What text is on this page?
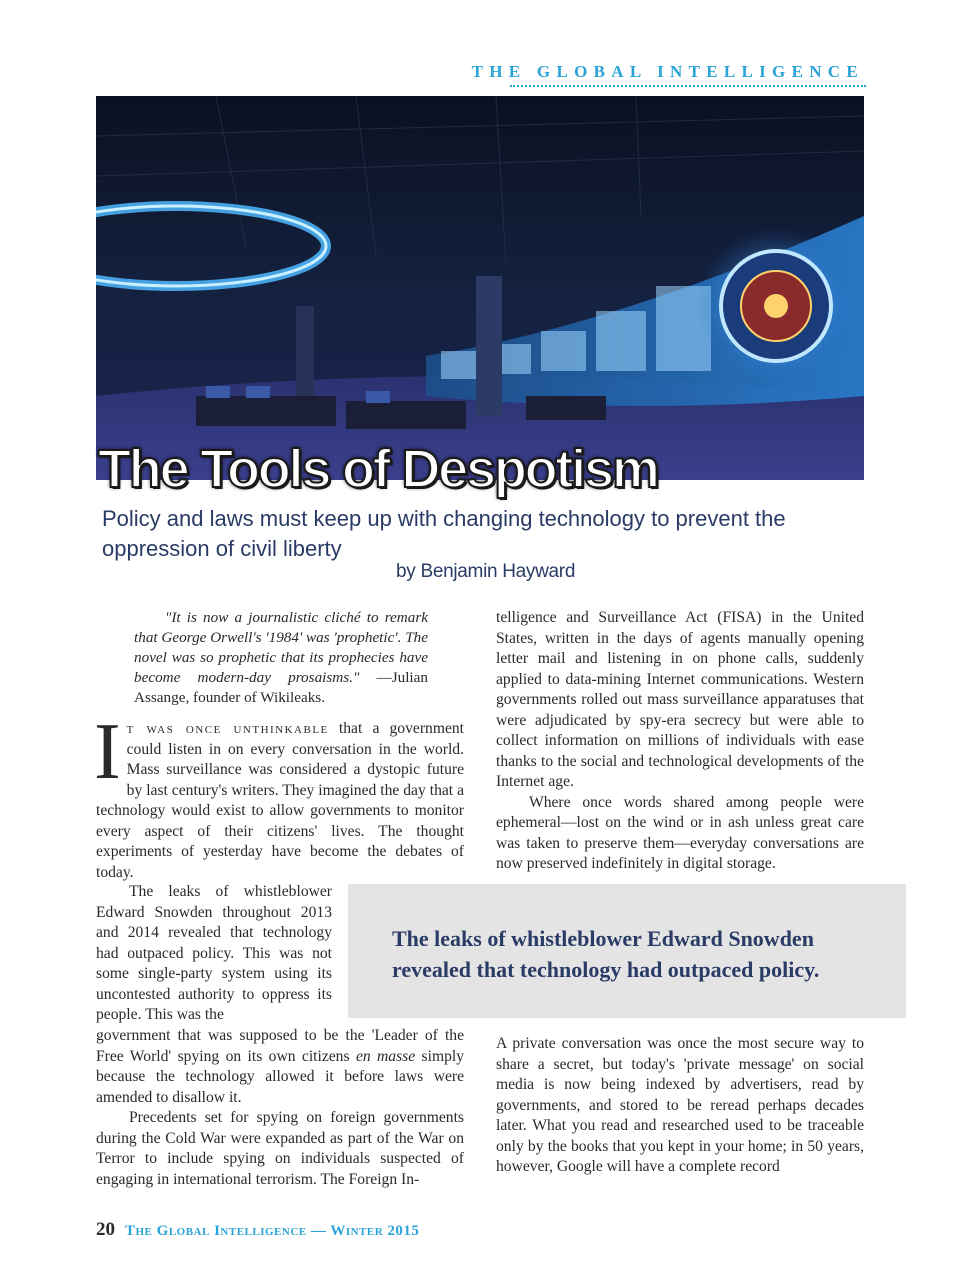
THE GLOBAL INTELLIGENCE
The Tools of Despotism
Policy and laws must keep up with changing technology to prevent the oppression of civil liberty
by Benjamin Hayward

"It is now a journalistic cliché to remark that George Orwell's '1984' was 'prophetic'. The novel was so prophetic that its prophecies have become modern-day prosaisms." —Julian Assange, founder of Wikileaks.

It was once unthinkable that a government could listen in on every conversation in the world. Mass surveillance was considered a dystopic future by last century's writers. They imagined the day that a technology would exist to allow governments to monitor every aspect of their citizens' lives. The thought experiments of yesterday have become the debates of today.

The leaks of whistleblower Edward Snowden throughout 2013 and 2014 revealed that technology had outpaced policy. This was not some single-party system using its uncontested authority to oppress its people. This was the

government that was supposed to be the 'Leader of the Free World' spying on its own citizens en masse simply because the technology allowed it before laws were amended to disallow it.

Precedents set for spying on foreign governments during the Cold War were expanded as part of the War on Terror to include spying on individuals suspected of engaging in international terrorism. The Foreign In-

telligence and Surveillance Act (FISA) in the United States, written in the days of agents manually opening letter mail and listening in on phone calls, suddenly applied to data-mining Internet communications. Western governments rolled out mass surveillance apparatuses that were adjudicated by spy-era secrecy but were able to collect information on millions of individuals with ease thanks to the social and technological developments of the Internet age.

Where once words shared among people were ephemeral—lost on the wind or in ash unless great care was taken to preserve them—everyday conversations are now preserved indefinitely in digital storage.

The leaks of whistleblower Edward Snowden revealed that technology had outpaced policy.

A private conversation was once the most secure way to share a secret, but today's 'private message' on social media is now being indexed by advertisers, read by governments, and stored to be reread perhaps decades later. What you read and researched used to be traceable only by the books that you kept in your home; in 50 years, however, Google will have a complete record

20 The Global Intelligence — Winter 2015
